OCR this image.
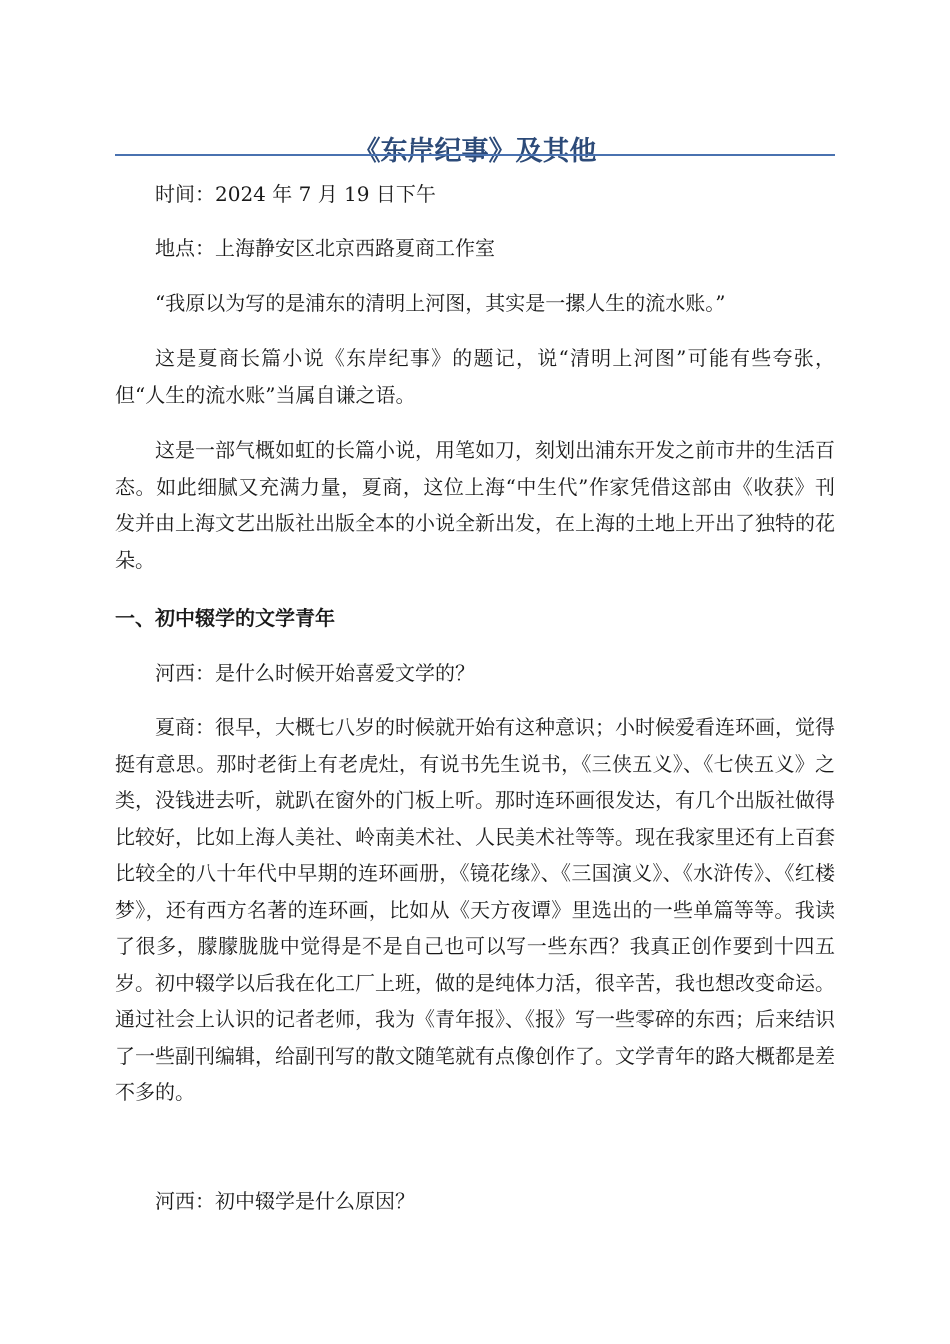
《东岸纪事》及其他

时间：2024 年 7 月 19 日下午

地点：上海静安区北京西路夏商工作室

“我原以为写的是浦东的清明上河图，其实是一摞人生的流水账。”

这是夏商长篇小说《东岸纪事》的题记，说“清明上河图”可能有些夸张，但“人生的流水账”当属自谦之语。

这是一部气概如虹的长篇小说，用笔如刀，刻划出浦东开发之前市井的生活百态。如此细腻又充满力量，夏商，这位上海“中生代”作家凭借这部由《收获》刊发并由上海文艺出版社出版全本的小说全新出发，在上海的土地上开出了独特的花朵。

一、初中辍学的文学青年

河西：是什么时候开始喜爱文学的？

夏商：很早，大概七八岁的时候就开始有这种意识；小时候爱看连环画，觉得挺有意思。那时老街上有老虎灶，有说书先生说书，《三侠五义》、《七侠五义》之类，没钱进去听，就趴在窗外的门板上听。那时连环画很发达，有几个出版社做得比较好，比如上海人美社、岭南美术社、人民美术社等等。现在我家里还有上百套比较全的八十年代中早期的连环画册，《镜花缘》、《三国演义》、《水浒传》、《红楼梦》，还有西方名著的连环画，比如从《天方夜谭》里选出的一些单篇等等。我读了很多，朦朦胧胧中觉得是不是自己也可以写一些东西？我真正创作要到十四五岁。初中辍学以后我在化工厂上班，做的是纯体力活，很辛苦，我也想改变命运。通过社会上认识的记者老师，我为《青年报》、《报》写一些零碎的东西；后来结识了一些副刊编辑，给副刊写的散文随笔就有点像创作了。文学青年的路大概都是差不多的。

河西：初中辍学是什么原因？
